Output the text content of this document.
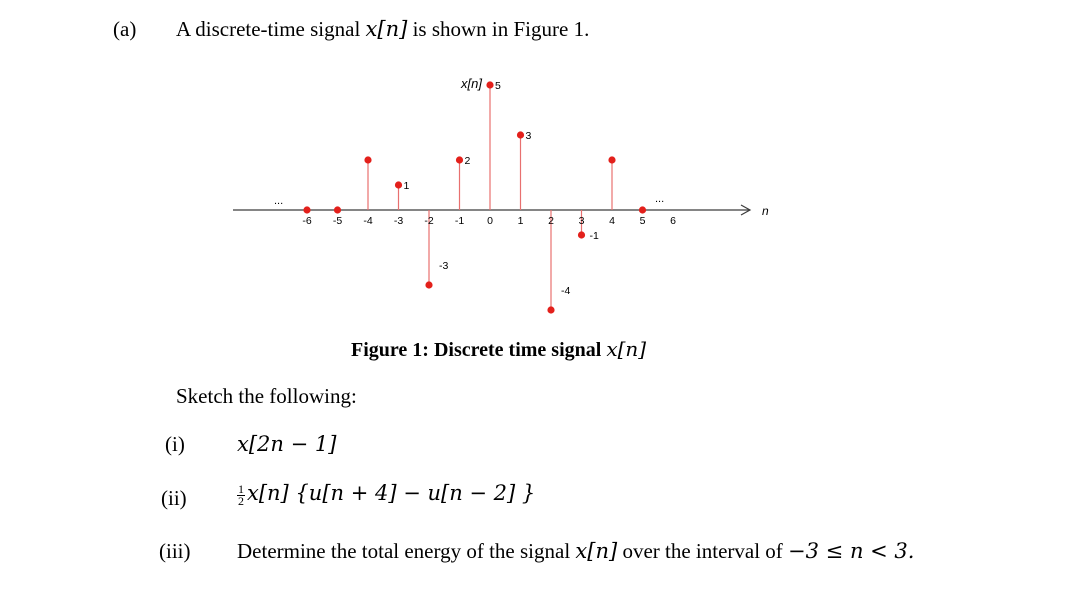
(a) A discrete-time signal x[n] is shown in Figure 1.
n
...	...
-6 -5 -4 -3 -2 -1 0 1 2 3 4 5 6
1
-3
2
5
3
-4
-1
x[n]
Figure 1: Discrete time signal x[n]
Sketch the following:
(i) x[2n − 1]
(ii)	$\frac{1}{2} x[n] \{u[n + 4] - u[n - 2]$ }
(iii) Determine the total energy of the signal x[n] over the interval of −3 ≤ n < 3.
